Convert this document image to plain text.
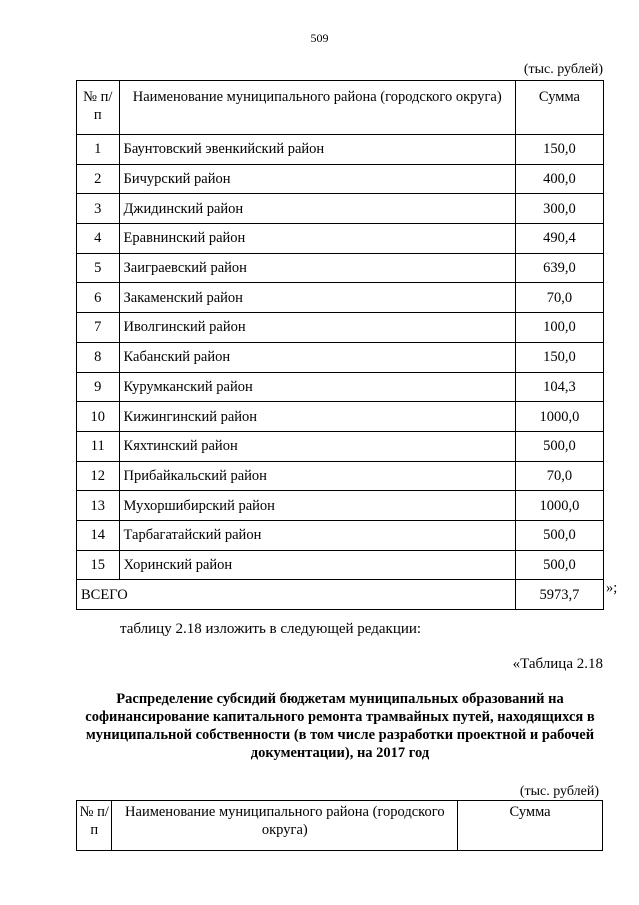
509
(тыс. рублей)
№ п/п	Наименование муниципального района (городского округа)	Сумма
1	Баунтовский эвенкийский район	150,0
2	Бичурский район	400,0
3	Джидинский район	300,0
4	Еравнинский район	490,4
5	Заиграевский район	639,0
6	Закаменский район	70,0
7	Иволгинский район	100,0
8	Кабанский район	150,0
9	Курумканский район	104,3
10	Кижингинский район	1000,0
11	Кяхтинский район	500,0
12	Прибайкальский район	70,0
13	Мухоршибирский район	1000,0
14	Тарбагатайский район	500,0
15	Хоринский район	500,0
ВСЕГО		5973,7 »;
таблицу 2.18 изложить в следующей редакции:
«Таблица 2.18
Распределение субсидий бюджетам муниципальных образований на софинансирование капитального ремонта трамвайных путей, находящихся в муниципальной собственности (в том числе разработки проектной и рабочей документации), на 2017 год
(тыс. рублей)
№ п/п	Наименование муниципального района (городского округа)	Сумма
